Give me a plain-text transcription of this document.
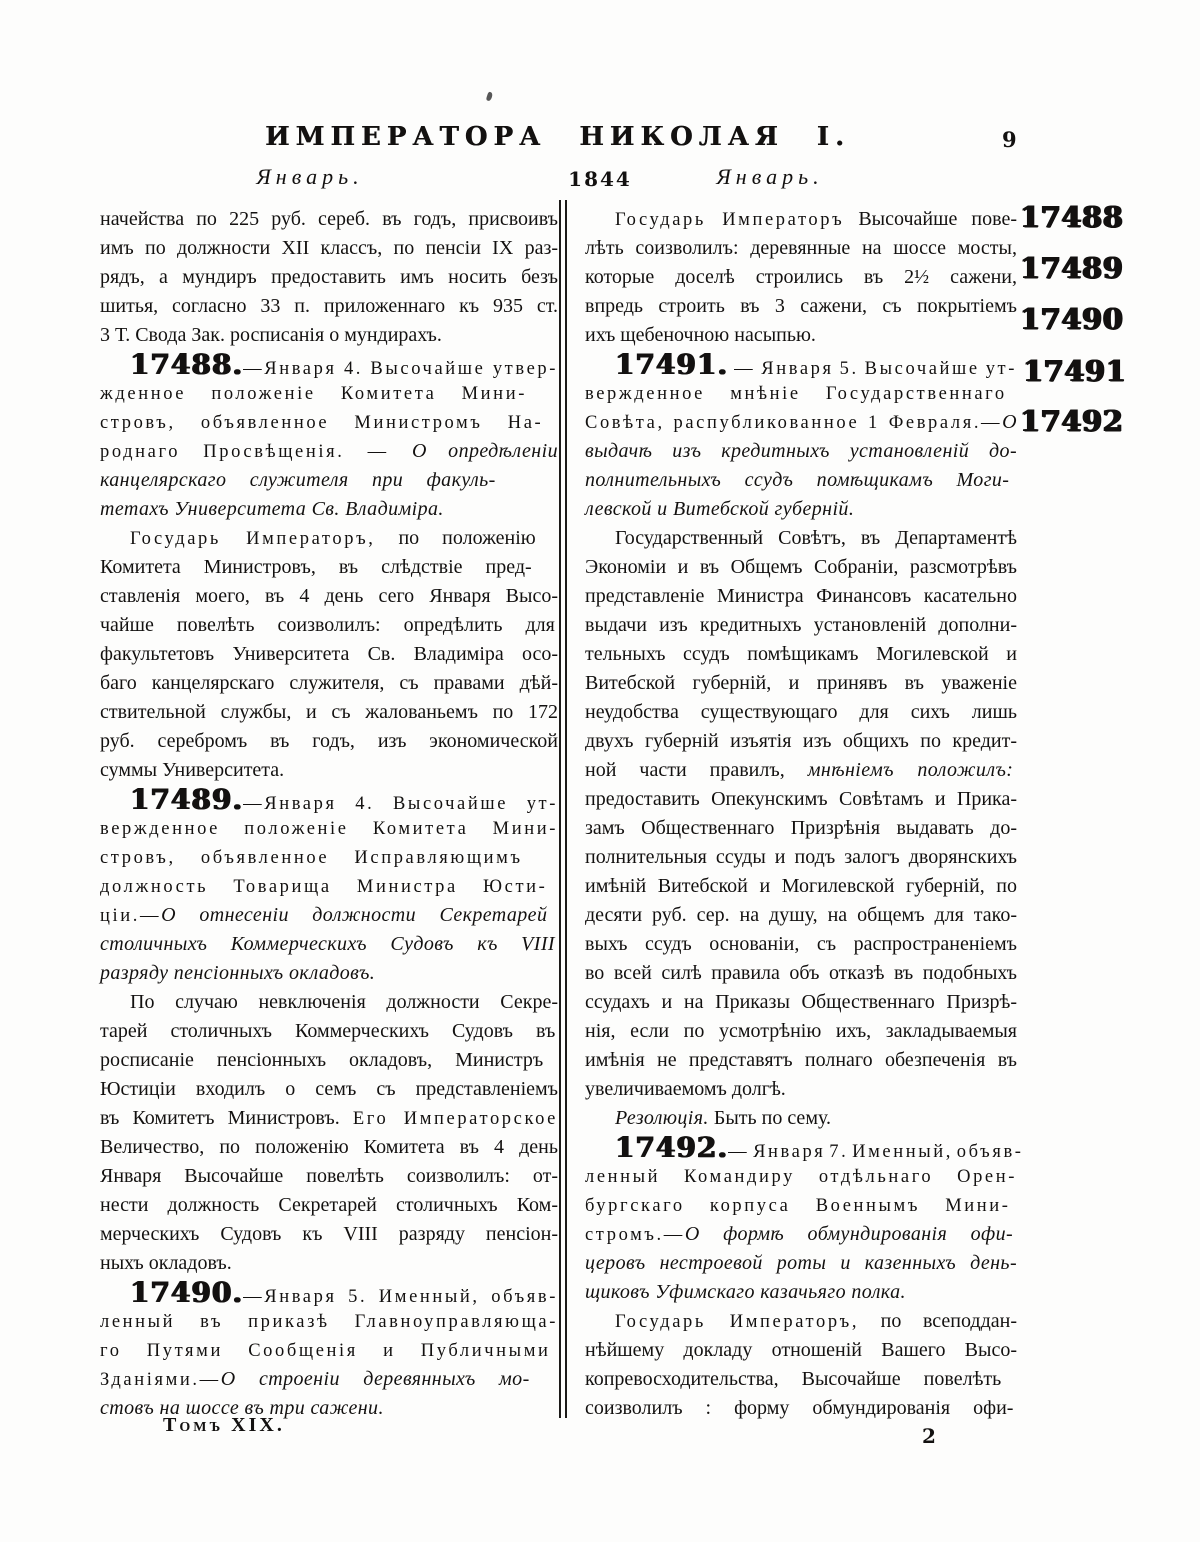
ИМПЕРАТОРА НИКОЛАЯ I.	9
Январь.	1844	Январь.
начейства по 225 руб. сереб. въ годъ, присвоивъ
имъ по должности XII классъ, по пенсіи IX раз-
рядъ, а мундиръ предоставить имъ носить безъ
шитья, согласно 33 п. приложеннаго къ 935 ст.
3 Т. Свода Зак. росписанія о мундирахъ.
17488.—Января 4. Высочайше утвер-
жденное положеніе Комитета Мини-
стровъ, объявленное Министромъ На-
роднаго Просвѣщенія. — О опредѣленіи
канцелярскаго служителя при факуль-
тетахъ Университета Св. Владиміра.
Государь Императоръ, по положенію
Комитета Министровъ, въ слѣдствіе пред-
ставленія моего, въ 4 день сего Января Высо-
чайше повелѣть соизволилъ: опредѣлить для
факультетовъ Университета Св. Владиміра осо-
баго канцелярскаго служителя, съ правами дѣй-
ствительной службы, и съ жалованьемъ по 172
руб. серебромъ въ годъ, изъ экономической
суммы Университета.
17489.—Января 4. Высочайше ут-
вержденное положеніе Комитета Мини-
стровъ, объявленное Исправляющимъ
должность Товарища Министра Юсти-
ціи.—О отнесеніи должности Секретарей
столичныхъ Коммерческихъ Судовъ къ VIII
разряду пенсіонныхъ окладовъ.
По случаю невключенія должности Секре-
тарей столичныхъ Коммерческихъ Судовъ въ
росписаніе пенсіонныхъ окладовъ, Министръ
Юстиціи входилъ о семъ съ представленіемъ
въ Комитетъ Министровъ. Его Императорское
Величество, по положенію Комитета въ 4 день
Января Высочайше повелѣть соизволилъ: от-
нести должность Секретарей столичныхъ Ком-
мерческихъ Судовъ къ VIII разряду пенсіон-
ныхъ окладовъ.
17490.—Января 5. Именный, объяв-
ленный въ приказѣ Главноуправляюща-
го Путями Сообщенія и Публичными
Зданіями.—О строеніи деревянныхъ мо-
стовъ на шоссе въ три сажени.
Государь Императоръ Высочайше пове-
лѣть соизволилъ: деревянные на шоссе мосты,
которые доселѣ строились въ 2½ сажени,
впредь строить въ 3 сажени, съ покрытіемъ
ихъ щебеночною насыпью.
17491. — Января 5. Высочайше ут-
вержденное мнѣніе Государственнаго
Совѣта, распубликованное 1 Февраля.—О
выдачѣ изъ кредитныхъ установленій до-
полнительныхъ ссудъ помѣщикамъ Моги-
левской и Витебской губерній.
Государственный Совѣтъ, въ Департаментѣ
Экономіи и въ Общемъ Собраніи, разсмотрѣвъ
представленіе Министра Финансовъ касательно
выдачи изъ кредитныхъ установленій дополни-
тельныхъ ссудъ помѣщикамъ Могилевской и
Витебской губерній, и принявъ въ уваженіе
неудобства существующаго для сихъ лишь
двухъ губерній изъятія изъ общихъ по кредит-
ной части правилъ, мнѣніемъ положилъ:
предоставить Опекунскимъ Совѣтамъ и Прика-
замъ Общественнаго Призрѣнія выдавать до-
полнительныя ссуды и подъ залогъ дворянскихъ
имѣній Витебской и Могилевской губерній, по
десяти руб. сер. на душу, на общемъ для тако-
выхъ ссудъ основаніи, съ распространеніемъ
во всей силѣ правила объ отказѣ въ подобныхъ
ссудахъ и на Приказы Общественнаго Призрѣ-
нія, если по усмотрѣнію ихъ, закладываемыя
имѣнія не представятъ полнаго обезпеченія въ
увеличиваемомъ долгѣ.
Резолюція. Быть по сему.
17492.— Января 7. Именный, объяв-
ленный Командиру отдѣльнаго Орен-
бургскаго корпуса Военнымъ Мини-
стромъ.—О формѣ обмундированія офи-
церовъ нестроевой роты и казенныхъ день-
щиковъ Уфимскаго казачьяго полка.
Государь Императоръ, по всеподдан-
нѣйшему докладу отношеній Вашего Высо-
копревосходительства, Высочайше повелѣть
соизволилъ : форму обмундированія офи-
17488
17489
17490
17491
17492
Томъ XIX.	2
